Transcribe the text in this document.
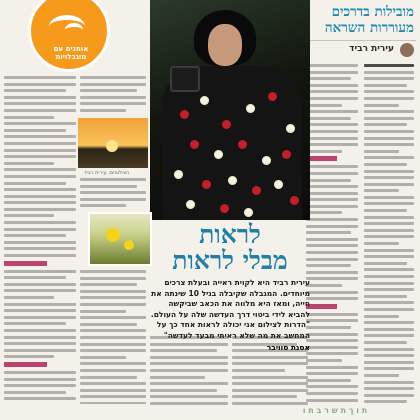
מובילות בדרכים
מעוררות השראה
עירית רביד
אומנים עם מוגבלויות
הצילומים: עירית רביד
לראות
מבלי לראות
עירית רביד היא לקוית ראייה ובעלת צרכים מיוחדים. המגבלה שקיבלה בגיל 10 שינתה את חייה, ומאז היא מלווה את הכאב שביקשה להביא לידי ביטוי דרך העדשה שלה על העולם. "הדרות לצילום אני יכולה לראות אחד כך על המחשב את מה שלא ראיתי מבעד לעדשה"
אסנת סוויבר
ת ו ך ת ש ר ב ת ו
